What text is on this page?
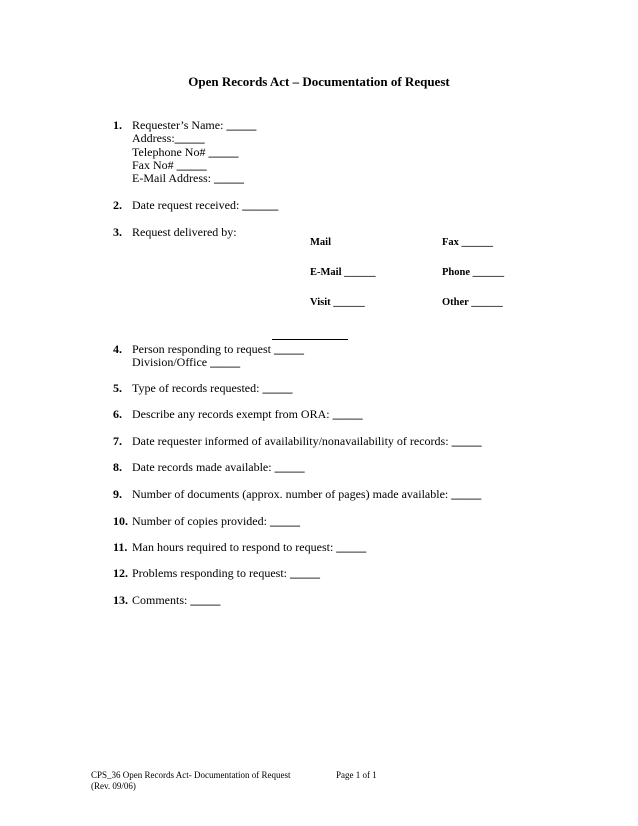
Open Records Act – Documentation of Request
1. Requester’s Name: _____
Address:_____
Telephone No# _____
Fax No# _____
E-Mail Address: _____
2. Date request received: ______
3. Request delivered by:
Mail	Fax ______
E-Mail ______	Phone ______
Visit ______	Other ______
4. Person responding to request _____
Division/Office _____
5. Type of records requested: _____
6. Describe any records exempt from ORA: _____
7. Date requester informed of availability/nonavailability of records: _____
8. Date records made available: _____
9. Number of documents (approx. number of pages) made available: _____
10. Number of copies provided: _____
11. Man hours required to respond to request: _____
12. Problems responding to request: _____
13. Comments: _____
CPS_36 Open Records Act- Documentation of Request
(Rev. 09/06)
Page 1 of 1
